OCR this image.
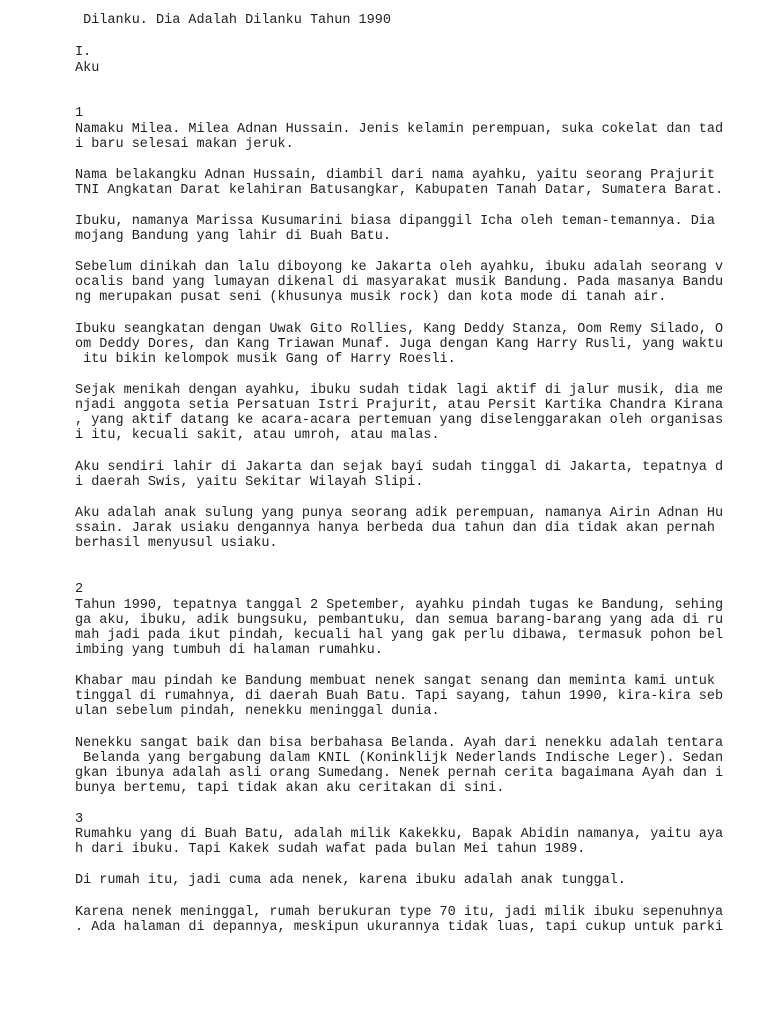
Dilanku. Dia Adalah Dilanku Tahun 1990
I.
Aku
1
Namaku Milea. Milea Adnan Hussain. Jenis kelamin perempuan, suka cokelat dan tad
i baru selesai makan jeruk.
Nama belakangku Adnan Hussain, diambil dari nama ayahku, yaitu seorang Prajurit
TNI Angkatan Darat kelahiran Batusangkar, Kabupaten Tanah Datar, Sumatera Barat.
Ibuku, namanya Marissa Kusumarini biasa dipanggil Icha oleh teman-temannya. Dia
mojang Bandung yang lahir di Buah Batu.
Sebelum dinikah dan lalu diboyong ke Jakarta oleh ayahku, ibuku adalah seorang v
ocalis band yang lumayan dikenal di masyarakat musik Bandung. Pada masanya Bandu
ng merupakan pusat seni (khusunya musik rock) dan kota mode di tanah air.
Ibuku seangkatan dengan Uwak Gito Rollies, Kang Deddy Stanza, Oom Remy Silado, O
om Deddy Dores, dan Kang Triawan Munaf. Juga dengan Kang Harry Rusli, yang waktu
itu bikin kelompok musik Gang of Harry Roesli.
Sejak menikah dengan ayahku, ibuku sudah tidak lagi aktif di jalur musik, dia me
njadi anggota setia Persatuan Istri Prajurit, atau Persit Kartika Chandra Kirana
, yang aktif datang ke acara-acara pertemuan yang diselenggarakan oleh organisas
i itu, kecuali sakit, atau umroh, atau malas.
Aku sendiri lahir di Jakarta dan sejak bayi sudah tinggal di Jakarta, tepatnya d
i daerah Swis, yaitu Sekitar Wilayah Slipi.
Aku adalah anak sulung yang punya seorang adik perempuan, namanya Airin Adnan Hu
ssain. Jarak usiaku dengannya hanya berbeda dua tahun dan dia tidak akan pernah
berhasil menyusul usiaku.
2
Tahun 1990, tepatnya tanggal 2 Spetember, ayahku pindah tugas ke Bandung, sehing
ga aku, ibuku, adik bungsuku, pembantuku, dan semua barang-barang yang ada di ru
mah jadi pada ikut pindah, kecuali hal yang gak perlu dibawa, termasuk pohon bel
imbing yang tumbuh di halaman rumahku.
Khabar mau pindah ke Bandung membuat nenek sangat senang dan meminta kami untuk
tinggal di rumahnya, di daerah Buah Batu. Tapi sayang, tahun 1990, kira-kira seb
ulan sebelum pindah, nenekku meninggal dunia.
Nenekku sangat baik dan bisa berbahasa Belanda. Ayah dari nenekku adalah tentara
Belanda yang bergabung dalam KNIL (Koninklijk Nederlands Indische Leger). Sedan
gkan ibunya adalah asli orang Sumedang. Nenek pernah cerita bagaimana Ayah dan i
bunya bertemu, tapi tidak akan aku ceritakan di sini.
3
Rumahku yang di Buah Batu, adalah milik Kakekku, Bapak Abidin namanya, yaitu aya
h dari ibuku. Tapi Kakek sudah wafat pada bulan Mei tahun 1989.
Di rumah itu, jadi cuma ada nenek, karena ibuku adalah anak tunggal.
Karena nenek meninggal, rumah berukuran type 70 itu, jadi milik ibuku sepenuhnya
. Ada halaman di depannya, meskipun ukurannya tidak luas, tapi cukup untuk parki
